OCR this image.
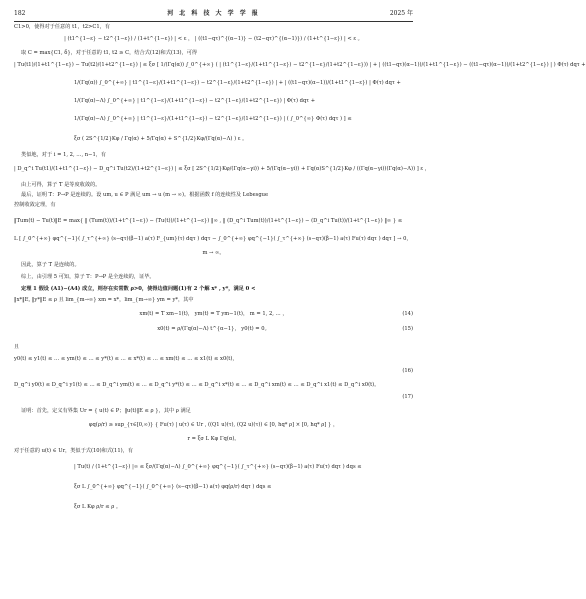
182	河 北 科 技 大 学 学 报	2025 年
C1>0，使得对于任意的 t1，t2>C1，有
| (t1^{1−ε} − t2^{1−ε}) / (1+t^{1−ε}) | < ε ， | ((t1−qτ)^{(α−1)} − (t2−qτ)^{(α−1)}) / (1+t^{1−ε}) | < ε 。
取 C = max{C1, δ}，对于任意的 t1, t2 ≥ C，结合式(12)和式(13)，可得
| Tu(t1)/(1+t1^{1−ε}) − Tu(t2)/(1+t2^{1−ε}) | ≤ ξσ [ 1/(Γq(α)) ∫_0^{+∞} ( | (t1^{1−ε}/(1+t1^{1−ε}) − t2^{1−ε}/(1+t2^{1−ε})) | + | ((t1−qτ)(α−1))/(1+t1^{1−ε}) − ((t1−qτ)(α−1))/(1+t2^{1−ε}) | ) Φ(τ) dqτ +
1/(Γq(α)) ∫_0^{+∞} | t1^{1−ε}/(1+t1^{1−ε}) − t2^{1−ε}/(1+t2^{1−ε}) | + | ((t1−qτ)(α−1))/(1+t1^{1−ε}) | Φ(τ) dqτ +
1/(Γq(α)−Λ) ∫_0^{+∞} | t1^{1−ε}/(1+t1^{1−ε}) − t2^{1−ε}/(1+t2^{1−ε}) | Φ(τ) dqτ +
1/(Γq(α)−Λ) ∫_0^{+∞} | t1^{1−ε}/(1+t1^{1−ε}) − t2^{1−ε}/(1+t2^{1−ε}) | ( ∫_0^{∞} Φ(τ) dqτ ) ] ≤
ξσ ( 2S^{1/2}Kφ / Γq(α) + 5/Γq(α) + S^{1/2}Kφ/(Γq(α)−Λ) ) ε 。
类似地，对于 i = 1, 2, …, n−1，有
| D_q^i Tu(t1)/(1+t1^{1−ε}) − D_q^i Tu(t2)/(1+t2^{1−ε}) | ≤ ξσ [ 2S^{1/2}Kφ/(Γq(α−γi)) + 5/(Γq(α−γi)) + Γq(α)S^{1/2}Kφ / ((Γq(α−γi))(Γq(α)−Λ)) ] ε ，
由上可得，算子 T 是等度收敛的。
最后，证明 T：P→P 是连续的。设 um, u ∈ P 满足 um → u (m → ∞)。根据函数 f 的连续性及 Lebesgue
控制收敛定理，有
‖Tum(t) − Tu(t)‖E = max{ ‖ (Tum(t))/(1+t^{1−ε}) − (Tu(t))/(1+t^{1−ε}) ‖∞ , ‖ (D_q^i Tum(t))/(1+t^{1−ε}) − (D_q^i Tu(t))/(1+t^{1−ε}) ‖∞ } ≤
L [ ∫_0^{+∞} φq^{−1}( ∫_τ^{+∞} (s−qτ)(β−1) a(τ) F_{um}(τ) dqτ ) dqτ − ∫_0^{+∞} φq^{−1}( ∫_τ^{+∞} (s−qτ)(β−1) a(τ) Fu(τ) dqτ ) dqτ ] → 0，
m → ∞。
因此，算子 T 是连续的。
综上，由引理 5 可知，算子 T：P→P 是全连续的，证毕。
定理 1 假设 (A1)−(A4) 成立，则存在实常数 ρ>0，使得边值问题(1)有 2 个解 x* , y*，满足 0 <
‖x*‖E, ‖y*‖E ≤ ρ 且 lim_{m→∞} xm = x*，lim_{m→∞} ym = y*，其中
xm(t) = T xm−1(t)， ym(t) = T ym−1(t)， m = 1, 2, … ，	(14)
x0(t) = ρ/(Γq(α)−Λ) t^{α−1}， y0(t) = 0。	(15)
且
y0(t) ≤ y1(t) ≤ … ≤ ym(t) ≤ … ≤ y*(t) ≤ … ≤ x*(t) ≤ … ≤ xm(t) ≤ … ≤ x1(t) ≤ x0(t)，
(16)
D_q^i y0(t) ≤ D_q^i y1(t) ≤ … ≤ D_q^i ym(t) ≤ … ≤ D_q^i y*(t) ≤ … ≤ D_q^i x*(t) ≤ … ≤ D_q^i xm(t) ≤ … ≤ D_q^i x1(t) ≤ D_q^i x0(t)。
(17)
证明：首先，定义有界集 Ur = { u(t) ∈ P；‖u(t)‖E ≤ ρ }，其中 ρ 满足
φq(ρ/r) ≥ sup_{τ∈[0,∞)} { Fu(τ) | u(τ) ∈ Ur , ((Q1 u)(τ), (Q2 u)(τ)) ∈ [0, hq* ρ] × [0, hq* ρ] } ，
r = ξσ L Kφ Γq(α)。
对于任意的 u(t) ∈ Ur，类似于式(10)和式(11)，有
| Tu(t) / (1+t^{1−ε}) |∞ ≤ ξσ/(Γq(α)−Λ) ∫_0^{+∞} φq^{−1}( ∫_τ^{+∞} (s−qτ)(β−1) a(τ) Fu(τ) dqτ ) dqs ≤
ξσ L ∫_0^{+∞} φq^{−1}( ∫_0^{+∞} (s−qτ)(β−1) a(τ) φq(ρ/r) dqτ ) dqs ≤
ξσ L Kφ ρ/r ≤ ρ 。
